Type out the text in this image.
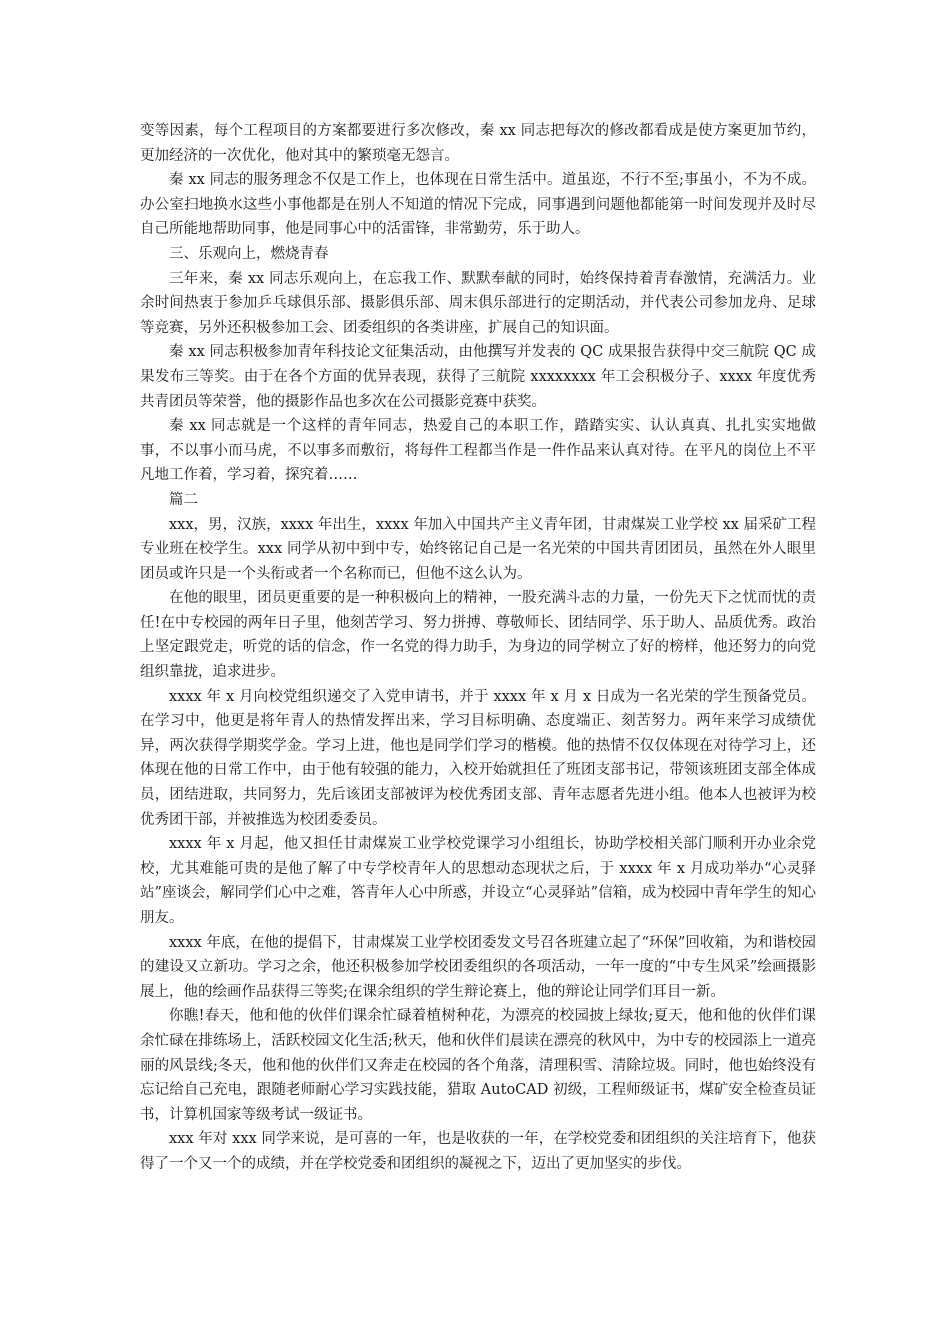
变等因素，每个工程项目的方案都要进行多次修改，秦 xx 同志把每次的修改都看成是使方案更加节约，更加经济的一次优化，他对其中的繁琐毫无怨言。

秦 xx 同志的服务理念不仅是工作上，也体现在日常生活中。道虽迩，不行不至;事虽小，不为不成。办公室扫地换水这些小事他都是在别人不知道的情况下完成，同事遇到问题他都能第一时间发现并及时尽自己所能地帮助同事，他是同事心中的活雷锋，非常勤劳，乐于助人。

三、乐观向上，燃烧青春

三年来，秦 xx 同志乐观向上，在忘我工作、默默奉献的同时，始终保持着青春激情，充满活力。业余时间热衷于参加乒乓球俱乐部、摄影俱乐部、周末俱乐部进行的定期活动，并代表公司参加龙舟、足球等竞赛，另外还积极参加工会、团委组织的各类讲座，扩展自己的知识面。

秦 xx 同志积极参加青年科技论文征集活动，由他撰写并发表的 QC 成果报告获得中交三航院 QC 成果发布三等奖。由于在各个方面的优异表现，获得了三航院 xxxxxxxx 年工会积极分子、xxxx 年度优秀共青团员等荣誉，他的摄影作品也多次在公司摄影竞赛中获奖。

秦 xx 同志就是一个这样的青年同志，热爱自己的本职工作，踏踏实实、认认真真、扎扎实实地做事，不以事小而马虎，不以事多而敷衍，将每件工程都当作是一件作品来认真对待。在平凡的岗位上不平凡地工作着，学习着，探究着……

篇二

xxx，男，汉族，xxxx 年出生，xxxx 年加入中国共产主义青年团，甘肃煤炭工业学校 xx 届采矿工程专业班在校学生。xxx 同学从初中到中专，始终铭记自己是一名光荣的中国共青团团员，虽然在外人眼里团员或许只是一个头衔或者一个名称而已，但他不这么认为。

在他的眼里，团员更重要的是一种积极向上的精神，一股充满斗志的力量，一份先天下之忧而忧的责任!在中专校园的两年日子里，他刻苦学习、努力拼搏、尊敬师长、团结同学、乐于助人、品质优秀。政治上坚定跟党走，听党的话的信念，作一名党的得力助手，为身边的同学树立了好的榜样，他还努力的向党组织靠拢，追求进步。

xxxx 年 x 月向校党组织递交了入党申请书，并于 xxxx 年 x 月 x 日成为一名光荣的学生预备党员。在学习中，他更是将年青人的热情发挥出来，学习目标明确、态度端正、刻苦努力。两年来学习成绩优异，两次获得学期奖学金。学习上进，他也是同学们学习的楷模。他的热情不仅仅体现在对待学习上，还体现在他的日常工作中，由于他有较强的能力，入校开始就担任了班团支部书记，带领该班团支部全体成员，团结进取，共同努力，先后该团支部被评为校优秀团支部、青年志愿者先进小组。他本人也被评为校优秀团干部，并被推选为校团委委员。

xxxx 年 x 月起，他又担任甘肃煤炭工业学校党课学习小组组长，协助学校相关部门顺利开办业余党校，尤其难能可贵的是他了解了中专学校青年人的思想动态现状之后，于 xxxx 年 x 月成功举办“心灵驿站”座谈会，解同学们心中之难，答青年人心中所惑，并设立“心灵驿站”信箱，成为校园中青年学生的知心朋友。

xxxx 年底，在他的提倡下，甘肃煤炭工业学校团委发文号召各班建立起了“环保”回收箱，为和谐校园的建设又立新功。学习之余，他还积极参加学校团委组织的各项活动，一年一度的“中专生风采”绘画摄影展上，他的绘画作品获得三等奖;在课余组织的学生辩论赛上，他的辩论让同学们耳目一新。

你瞧!春天，他和他的伙伴们课余忙碌着植树种花，为漂亮的校园披上绿妆;夏天，他和他的伙伴们课余忙碌在排练场上，活跃校园文化生活;秋天，他和伙伴们晨读在漂亮的秋风中，为中专的校园添上一道亮丽的风景线;冬天，他和他的伙伴们又奔走在校园的各个角落，清理积雪、清除垃圾。同时，他也始终没有忘记给自己充电，跟随老师耐心学习实践技能，猎取 AutoCAD 初级，工程师级证书，煤矿安全检查员证书，计算机国家等级考试一级证书。

xxx 年对 xxx 同学来说，是可喜的一年，也是收获的一年，在学校党委和团组织的关注培育下，他获得了一个又一个的成绩，并在学校党委和团组织的凝视之下，迈出了更加坚实的步伐。
